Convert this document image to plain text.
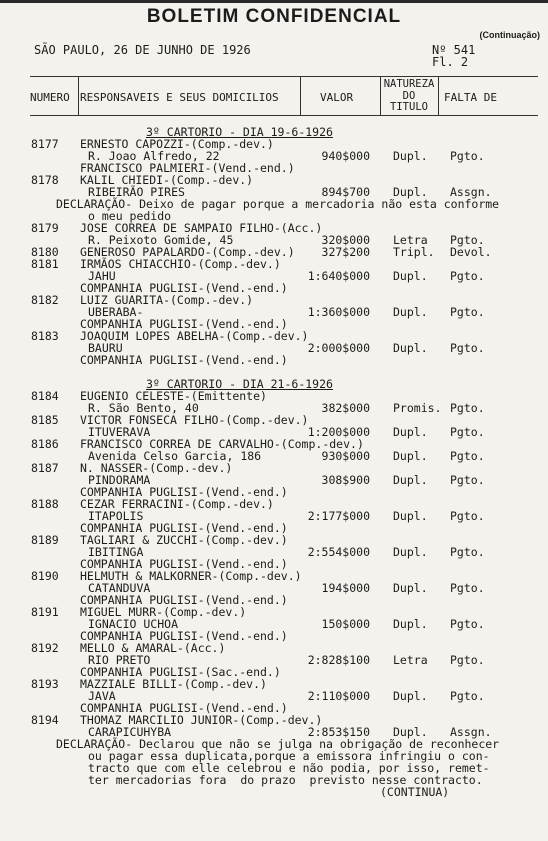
BOLETIM CONFIDENCIAL
(Continuação)
SÃO PAULO, 26 DE JUNHO DE 1926	Nº 541
Fl. 2
NUMERO RESPONSAVEIS E SEUS DOMICILIOS	VALOR
NATUREZA
DO
TITULO
FALTA DE
3º CARTORIO - DIA 19-6-1926
8177 ERNESTO CAPOZZI-(Comp.-dev.)
R. Joao Alfredo, 22	940$000 Dupl. Pgto.
FRANCISCO PALMIERI-(Vend.-end.)
8178 KALIL CHIEDI-(Comp.-dev.)
RIBEIRÃO PIRES	894$700 Dupl. Assgn.
DECLARAÇÃO- Deixo de pagar porque a mercadoria não esta conforme
o meu pedido
8179 JOSE CORREA DE SAMPAIO FILHO-(Acc.)
R. Peixoto Gomide, 45	320$000 Letra Pgto.
8180 GENEROSO PAPALARDO-(Comp.-dev.) 327$200 Tripl. Devol.
8181 IRMÃOS CHIACCHIO-(Comp.-dev.)
JAHU	1:640$000 Dupl. Pgto.
COMPANHIA PUGLISI-(Vend.-end.)
8182 LUIZ GUARITA-(Comp.-dev.)
UBERABA-	1:360$000 Dupl. Pgto.
COMPANHIA PUGLISI-(Vend.-end.)
8183 JOAQUIM LOPES ABELHA-(Comp.-dev.)
BAURU	2:000$000 Dupl. Pgto.
COMPANHIA PUGLISI-(Vend.-end.)
3º CARTORIO - DIA 21-6-1926
8184 EUGENIO CELESTE-(Emittente)
R. São Bento, 40	382$000 Promis. Pgto.
8185 VICTOR FONSECA FILHO-(Comp.-dev.)
ITUVERAVA	1:200$000 Dupl. Pgto.
8186 FRANCISCO CORREA DE CARVALHO-(Comp.-dev.)
Avenida Celso Garcia, 186	930$000 Dupl. Pgto.
8187 N. NASSER-(Comp.-dev.)
PINDORAMA	308$900 Dupl. Pgto.
COMPANHIA PUGLISI-(Vend.-end.)
8188 CEZAR FERRACINI-(Comp.-dev.)
ITAPOLIS	2:177$000 Dupl. Pgto.
COMPANHIA PUGLISI-(Vend.-end.)
8189 TAGLIARI & ZUCCHI-(Comp.-dev.)
IBITINGA	2:554$000 Dupl. Pgto.
COMPANHIA PUGLISI-(Vend.-end.)
8190 HELMUTH & MALKORNER-(Comp.-dev.)
CATANDUVA	194$000 Dupl. Pgto.
COMPANHIA PUGLISI-(Vend.-end.)
8191 MIGUEL MURR-(Comp.-dev.)
IGNACIO UCHOA	150$000 Dupl. Pgto.
COMPANHIA PUGLISI-(Vend.-end.)
8192 MELLO & AMARAL-(Acc.)
RIO PRETO	2:828$100 Letra Pgto.
COMPANHIA PUGLISI-(Sac.-end.)
8193 MAZZIALE BILLI-(Comp.-dev.)
JAVA	2:110$000 Dupl. Pgto.
COMPANHIA PUGLISI-(Vend.-end.)
8194 THOMAZ MARCILIO JUNIOR-(Comp.-dev.)
CARAPICUHYBA	2:853$150 Dupl. Assgn.
DECLARAÇÃO- Declarou que não se julga na obrigação de reconhecer
ou pagar essa duplicata,porque a emissora infringiu o con-
tracto que com elle celebrou e não podia, por isso, remet-
ter mercadorias fora  do prazo  previsto nesse contracto.
(CONTINUA)
